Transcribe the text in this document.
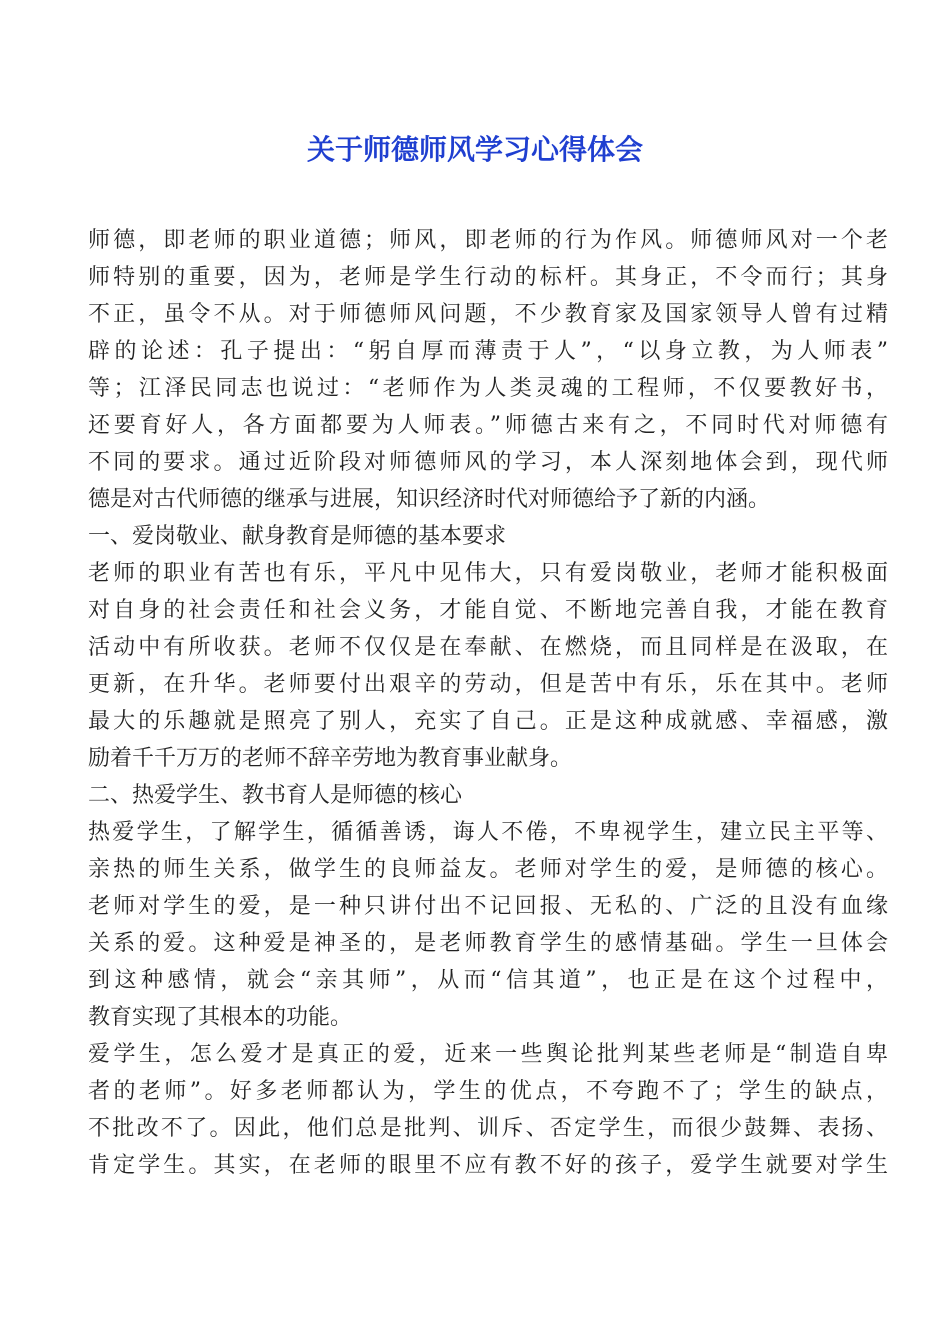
关于师德师风学习心得体会
师德，即老师的职业道德；师风，即老师的行为作风。师德师风对一个老
师特别的重要，因为，老师是学生行动的标杆。其身正，不令而行；其身
不正，虽令不从。对于师德师风问题，不少教育家及国家领导人曾有过精
辟的论述：孔子提出：“躬自厚而薄责于人”，“以身立教，为人师表”
等；江泽民同志也说过：“老师作为人类灵魂的工程师，不仅要教好书，
还要育好人，各方面都要为人师表。”师德古来有之，不同时代对师德有
不同的要求。通过近阶段对师德师风的学习，本人深刻地体会到，现代师
德是对古代师德的继承与进展，知识经济时代对师德给予了新的内涵。
一、爱岗敬业、献身教育是师德的基本要求
老师的职业有苦也有乐，平凡中见伟大，只有爱岗敬业，老师才能积极面
对自身的社会责任和社会义务，才能自觉、不断地完善自我，才能在教育
活动中有所收获。老师不仅仅是在奉献、在燃烧，而且同样是在汲取，在
更新，在升华。老师要付出艰辛的劳动，但是苦中有乐，乐在其中。老师
最大的乐趣就是照亮了别人，充实了自己。正是这种成就感、幸福感，激
励着千千万万的老师不辞辛劳地为教育事业献身。
二、热爱学生、教书育人是师德的核心
热爱学生，了解学生，循循善诱，诲人不倦，不卑视学生，建立民主平等、
亲热的师生关系，做学生的良师益友。老师对学生的爱，是师德的核心。
老师对学生的爱，是一种只讲付出不记回报、无私的、广泛的且没有血缘
关系的爱。这种爱是神圣的，是老师教育学生的感情基础。学生一旦体会
到这种感情，就会“亲其师”，从而“信其道”，也正是在这个过程中，
教育实现了其根本的功能。
爱学生，怎么爱才是真正的爱，近来一些舆论批判某些老师是“制造自卑
者的老师”。好多老师都认为，学生的优点，不夸跑不了；学生的缺点，
不批改不了。因此，他们总是批判、训斥、否定学生，而很少鼓舞、表扬、
肯定学生。其实，在老师的眼里不应有教不好的孩子，爱学生就要对学生
